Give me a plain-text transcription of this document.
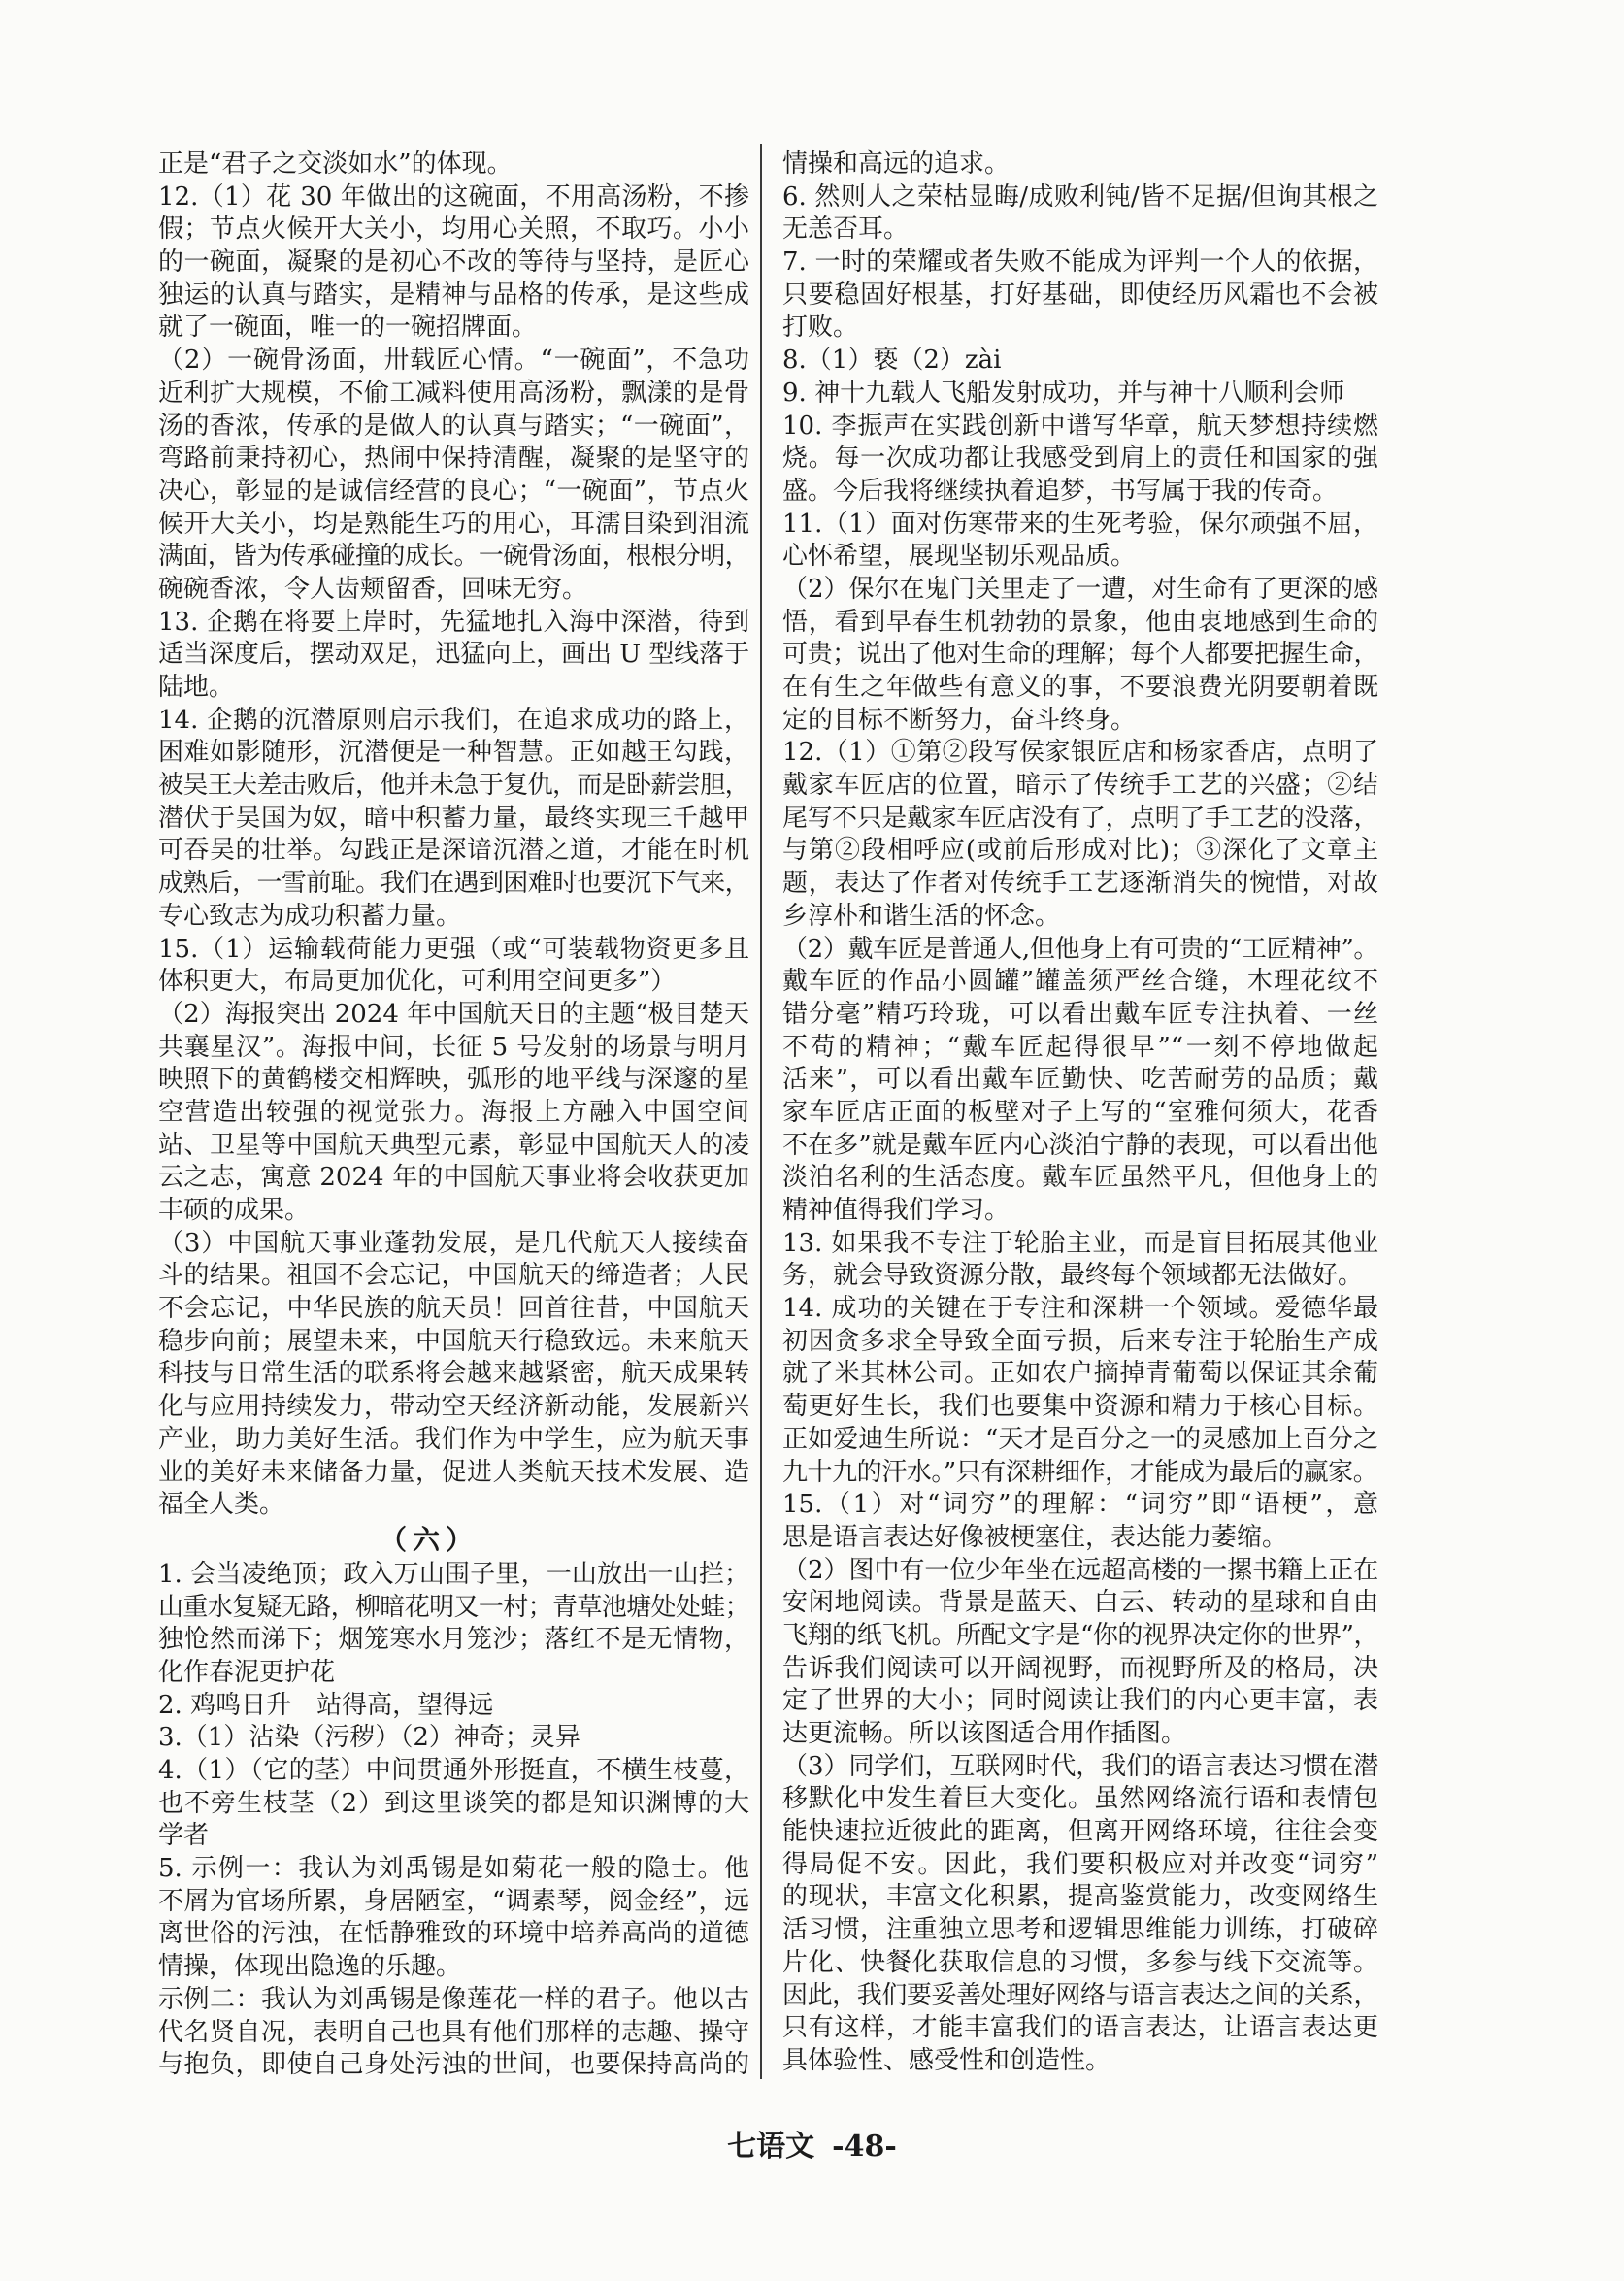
正是“君子之交淡如水”的体现。
12.（1）花 30 年做出的这碗面，不用高汤粉，不掺
假；节点火候开大关小，均用心关照，不取巧。小小
的一碗面，凝聚的是初心不改的等待与坚持，是匠心
独运的认真与踏实，是精神与品格的传承，是这些成
就了一碗面，唯一的一碗招牌面。
（2）一碗骨汤面，卅载匠心情。“一碗面”，不急功
近利扩大规模，不偷工减料使用高汤粉，飘漾的是骨
汤的香浓，传承的是做人的认真与踏实；“一碗面”，
弯路前秉持初心，热闹中保持清醒，凝聚的是坚守的
决心，彰显的是诚信经营的良心；“一碗面”，节点火
候开大关小，均是熟能生巧的用心，耳濡目染到泪流
满面，皆为传承碰撞的成长。一碗骨汤面，根根分明，
碗碗香浓，令人齿颊留香，回味无穷。
13. 企鹅在将要上岸时，先猛地扎入海中深潜，待到
适当深度后，摆动双足，迅猛向上，画出 U 型线落于
陆地。
14. 企鹅的沉潜原则启示我们，在追求成功的路上，
困难如影随形，沉潜便是一种智慧。正如越王勾践，
被吴王夫差击败后，他并未急于复仇，而是卧薪尝胆，
潜伏于吴国为奴，暗中积蓄力量，最终实现三千越甲
可吞吴的壮举。勾践正是深谙沉潜之道，才能在时机
成熟后，一雪前耻。我们在遇到困难时也要沉下气来，
专心致志为成功积蓄力量。
15.（1）运输载荷能力更强（或“可装载物资更多且
体积更大，布局更加优化，可利用空间更多”）
（2）海报突出 2024 年中国航天日的主题“极目楚天
共襄星汉”。海报中间，长征 5 号发射的场景与明月
映照下的黄鹤楼交相辉映，弧形的地平线与深邃的星
空营造出较强的视觉张力。海报上方融入中国空间
站、卫星等中国航天典型元素，彰显中国航天人的凌
云之志，寓意 2024 年的中国航天事业将会收获更加
丰硕的成果。
（3）中国航天事业蓬勃发展，是几代航天人接续奋
斗的结果。祖国不会忘记，中国航天的缔造者；人民
不会忘记，中华民族的航天员！回首往昔，中国航天
稳步向前；展望未来，中国航天行稳致远。未来航天
科技与日常生活的联系将会越来越紧密，航天成果转
化与应用持续发力，带动空天经济新动能，发展新兴
产业，助力美好生活。我们作为中学生，应为航天事
业的美好未来储备力量，促进人类航天技术发展、造
福全人类。
（六）
1. 会当凌绝顶；政入万山围子里，一山放出一山拦；
山重水复疑无路，柳暗花明又一村；青草池塘处处蛙；
独怆然而涕下；烟笼寒水月笼沙；落红不是无情物，
化作春泥更护花
2. 鸡鸣日升　站得高，望得远
3.（1）沾染（污秽）（2）神奇；灵异
4.（1）（它的茎）中间贯通外形挺直，不横生枝蔓，
也不旁生枝茎（2）到这里谈笑的都是知识渊博的大
学者
5. 示例一：我认为刘禹锡是如菊花一般的隐士。他
不屑为官场所累，身居陋室，“调素琴，阅金经”，远
离世俗的污浊，在恬静雅致的环境中培养高尚的道德
情操，体现出隐逸的乐趣。
示例二：我认为刘禹锡是像莲花一样的君子。他以古
代名贤自况，表明自己也具有他们那样的志趣、操守
与抱负，即使自己身处污浊的世间，也要保持高尚的
情操和高远的追求。
6. 然则人之荣枯显晦/成败利钝/皆不足据/但询其根之
无恙否耳。
7. 一时的荣耀或者失败不能成为评判一个人的依据，
只要稳固好根基，打好基础，即使经历风霜也不会被
打败。
8.（1）亵（2）zài
9. 神十九载人飞船发射成功，并与神十八顺利会师
10. 李振声在实践创新中谱写华章，航天梦想持续燃
烧。每一次成功都让我感受到肩上的责任和国家的强
盛。今后我将继续执着追梦，书写属于我的传奇。
11.（1）面对伤寒带来的生死考验，保尔顽强不屈，
心怀希望，展现坚韧乐观品质。
（2）保尔在鬼门关里走了一遭，对生命有了更深的感
悟，看到早春生机勃勃的景象，他由衷地感到生命的
可贵；说出了他对生命的理解；每个人都要把握生命，
在有生之年做些有意义的事，不要浪费光阴要朝着既
定的目标不断努力，奋斗终身。
12.（1）①第②段写侯家银匠店和杨家香店，点明了
戴家车匠店的位置，暗示了传统手工艺的兴盛；②结
尾写不只是戴家车匠店没有了，点明了手工艺的没落，
与第②段相呼应(或前后形成对比)；③深化了文章主
题，表达了作者对传统手工艺逐渐消失的惋惜，对故
乡淳朴和谐生活的怀念。
（2）戴车匠是普通人,但他身上有可贵的“工匠精神”。
戴车匠的作品小圆罐”罐盖须严丝合缝，木理花纹不
错分毫”精巧玲珑，可以看出戴车匠专注执着、一丝
不苟的精神；“戴车匠起得很早”“一刻不停地做起
活来”，可以看出戴车匠勤快、吃苦耐劳的品质；戴
家车匠店正面的板壁对子上写的“室雅何须大，花香
不在多”就是戴车匠内心淡泊宁静的表现，可以看出他
淡泊名利的生活态度。戴车匠虽然平凡，但他身上的
精神值得我们学习。
13. 如果我不专注于轮胎主业，而是盲目拓展其他业
务，就会导致资源分散，最终每个领域都无法做好。
14. 成功的关键在于专注和深耕一个领域。爱德华最
初因贪多求全导致全面亏损，后来专注于轮胎生产成
就了米其林公司。正如农户摘掉青葡萄以保证其余葡
萄更好生长，我们也要集中资源和精力于核心目标。
正如爱迪生所说：“天才是百分之一的灵感加上百分之
九十九的汗水。”只有深耕细作，才能成为最后的赢家。
15.（1）对“词穷”的理解：“词穷”即“语梗”，意
思是语言表达好像被梗塞住，表达能力萎缩。
（2）图中有一位少年坐在远超高楼的一摞书籍上正在
安闲地阅读。背景是蓝天、白云、转动的星球和自由
飞翔的纸飞机。所配文字是“你的视界决定你的世界”，
告诉我们阅读可以开阔视野，而视野所及的格局，决
定了世界的大小；同时阅读让我们的内心更丰富，表
达更流畅。所以该图适合用作插图。
（3）同学们，互联网时代，我们的语言表达习惯在潜
移默化中发生着巨大变化。虽然网络流行语和表情包
能快速拉近彼此的距离，但离开网络环境，往往会变
得局促不安。因此，我们要积极应对并改变“词穷”
的现状，丰富文化积累，提高鉴赏能力，改变网络生
活习惯，注重独立思考和逻辑思维能力训练，打破碎
片化、快餐化获取信息的习惯，多参与线下交流等。
因此，我们要妥善处理好网络与语言表达之间的关系，
只有这样，才能丰富我们的语言表达，让语言表达更
具体验性、感受性和创造性。
七语文 -48-
